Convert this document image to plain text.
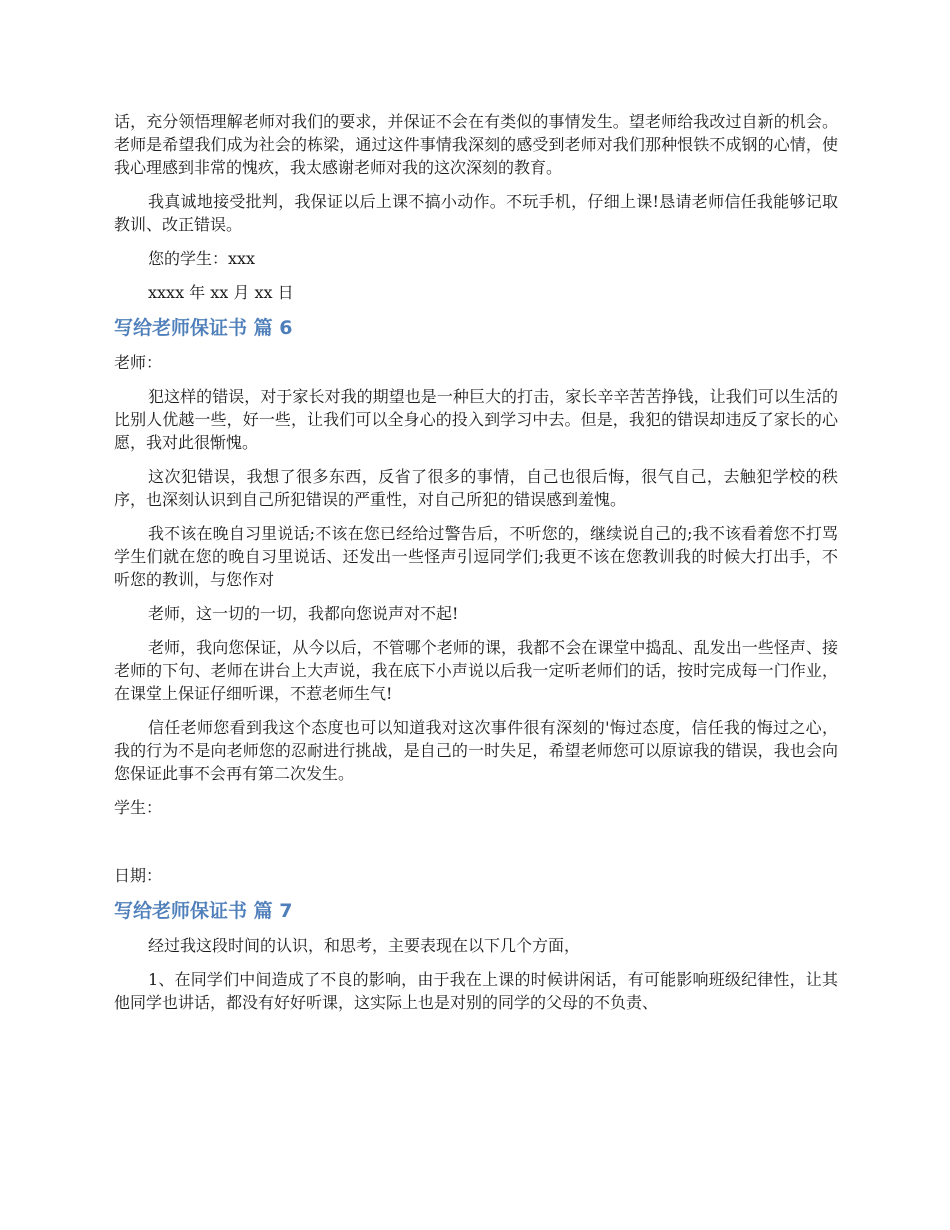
话，充分领悟理解老师对我们的要求，并保证不会在有类似的事情发生。望老师给我改过自新的机会。老师是希望我们成为社会的栋梁，通过这件事情我深刻的感受到老师对我们那种恨铁不成钢的心情，使我心理感到非常的愧疚，我太感谢老师对我的这次深刻的教育。

我真诚地接受批判，我保证以后上课不搞小动作。不玩手机，仔细上课!恳请老师信任我能够记取教训、改正错误。

您的学生：xxx

xxxx 年 xx 月 xx 日

写给老师保证书 篇 6

老师：

犯这样的错误，对于家长对我的期望也是一种巨大的打击，家长辛辛苦苦挣钱，让我们可以生活的比别人优越一些，好一些，让我们可以全身心的投入到学习中去。但是，我犯的错误却违反了家长的心愿，我对此很惭愧。

这次犯错误，我想了很多东西，反省了很多的事情，自己也很后悔，很气自己，去触犯学校的秩序，也深刻认识到自己所犯错误的严重性，对自己所犯的错误感到羞愧。

我不该在晚自习里说话;不该在您已经给过警告后，不听您的，继续说自己的;我不该看着您不打骂学生们就在您的晚自习里说话、还发出一些怪声引逗同学们;我更不该在您教训我的时候大打出手，不听您的教训，与您作对

老师，这一切的一切，我都向您说声对不起!

老师，我向您保证，从今以后，不管哪个老师的课，我都不会在课堂中捣乱、乱发出一些怪声、接老师的下句、老师在讲台上大声说，我在底下小声说以后我一定听老师们的话，按时完成每一门作业，在课堂上保证仔细听课，不惹老师生气!

信任老师您看到我这个态度也可以知道我对这次事件很有深刻的'悔过态度，信任我的悔过之心，我的行为不是向老师您的忍耐进行挑战，是自己的一时失足，希望老师您可以原谅我的错误，我也会向您保证此事不会再有第二次发生。

学生：

日期：

写给老师保证书 篇 7

经过我这段时间的认识，和思考，主要表现在以下几个方面，

1、在同学们中间造成了不良的影响，由于我在上课的时候讲闲话，有可能影响班级纪律性，让其他同学也讲话，都没有好好听课，这实际上也是对别的同学的父母的不负责、
